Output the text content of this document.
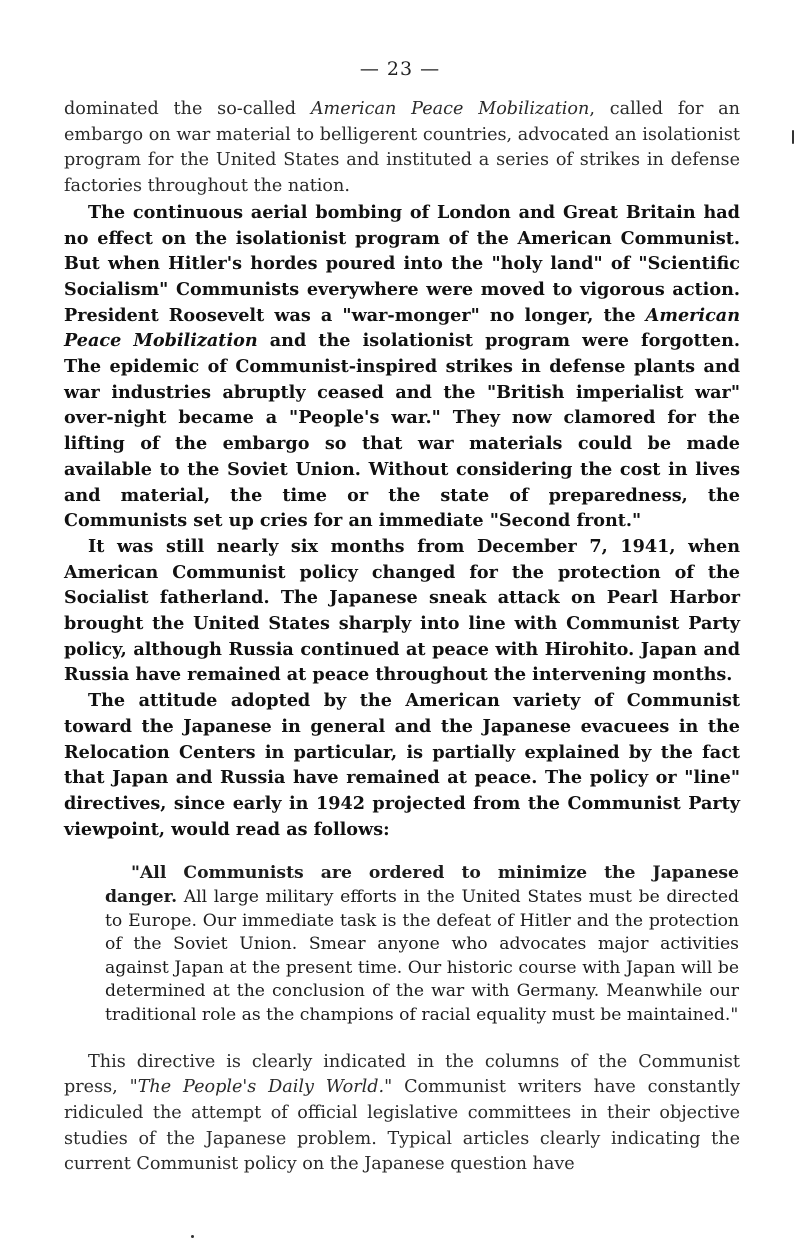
— 23 —

dominated the so-called American Peace Mobilization, called for an embargo on war material to belligerent countries, advocated an isolationist program for the United States and instituted a series of strikes in defense factories throughout the nation.

The continuous aerial bombing of London and Great Britain had no effect on the isolationist program of the American Communist. But when Hitler's hordes poured into the "holy land" of "Scientific Socialism" Communists everywhere were moved to vigorous action. President Roosevelt was a "war-monger" no longer, the American Peace Mobilization and the isolationist program were forgotten. The epidemic of Communist-inspired strikes in defense plants and war industries abruptly ceased and the "British imperialist war" over-night became a "People's war." They now clamored for the lifting of the embargo so that war materials could be made available to the Soviet Union. Without considering the cost in lives and material, the time or the state of preparedness, the Communists set up cries for an immediate "Second front."

It was still nearly six months from December 7, 1941, when American Communist policy changed for the protection of the Socialist fatherland. The Japanese sneak attack on Pearl Harbor brought the United States sharply into line with Communist Party policy, although Russia continued at peace with Hirohito. Japan and Russia have remained at peace throughout the intervening months.

The attitude adopted by the American variety of Communist toward the Japanese in general and the Japanese evacuees in the Relocation Centers in particular, is partially explained by the fact that Japan and Russia have remained at peace. The policy or "line" directives, since early in 1942 projected from the Communist Party viewpoint, would read as follows:

"All Communists are ordered to minimize the Japanese danger. All large military efforts in the United States must be directed to Europe. Our immediate task is the defeat of Hitler and the protection of the Soviet Union. Smear anyone who advocates major activities against Japan at the present time. Our historic course with Japan will be determined at the conclusion of the war with Germany. Meanwhile our traditional role as the champions of racial equality must be maintained."

This directive is clearly indicated in the columns of the Communist press, "The People's Daily World." Communist writers have constantly ridiculed the attempt of official legislative committees in their objective studies of the Japanese problem. Typical articles clearly indicating the current Communist policy on the Japanese question have
